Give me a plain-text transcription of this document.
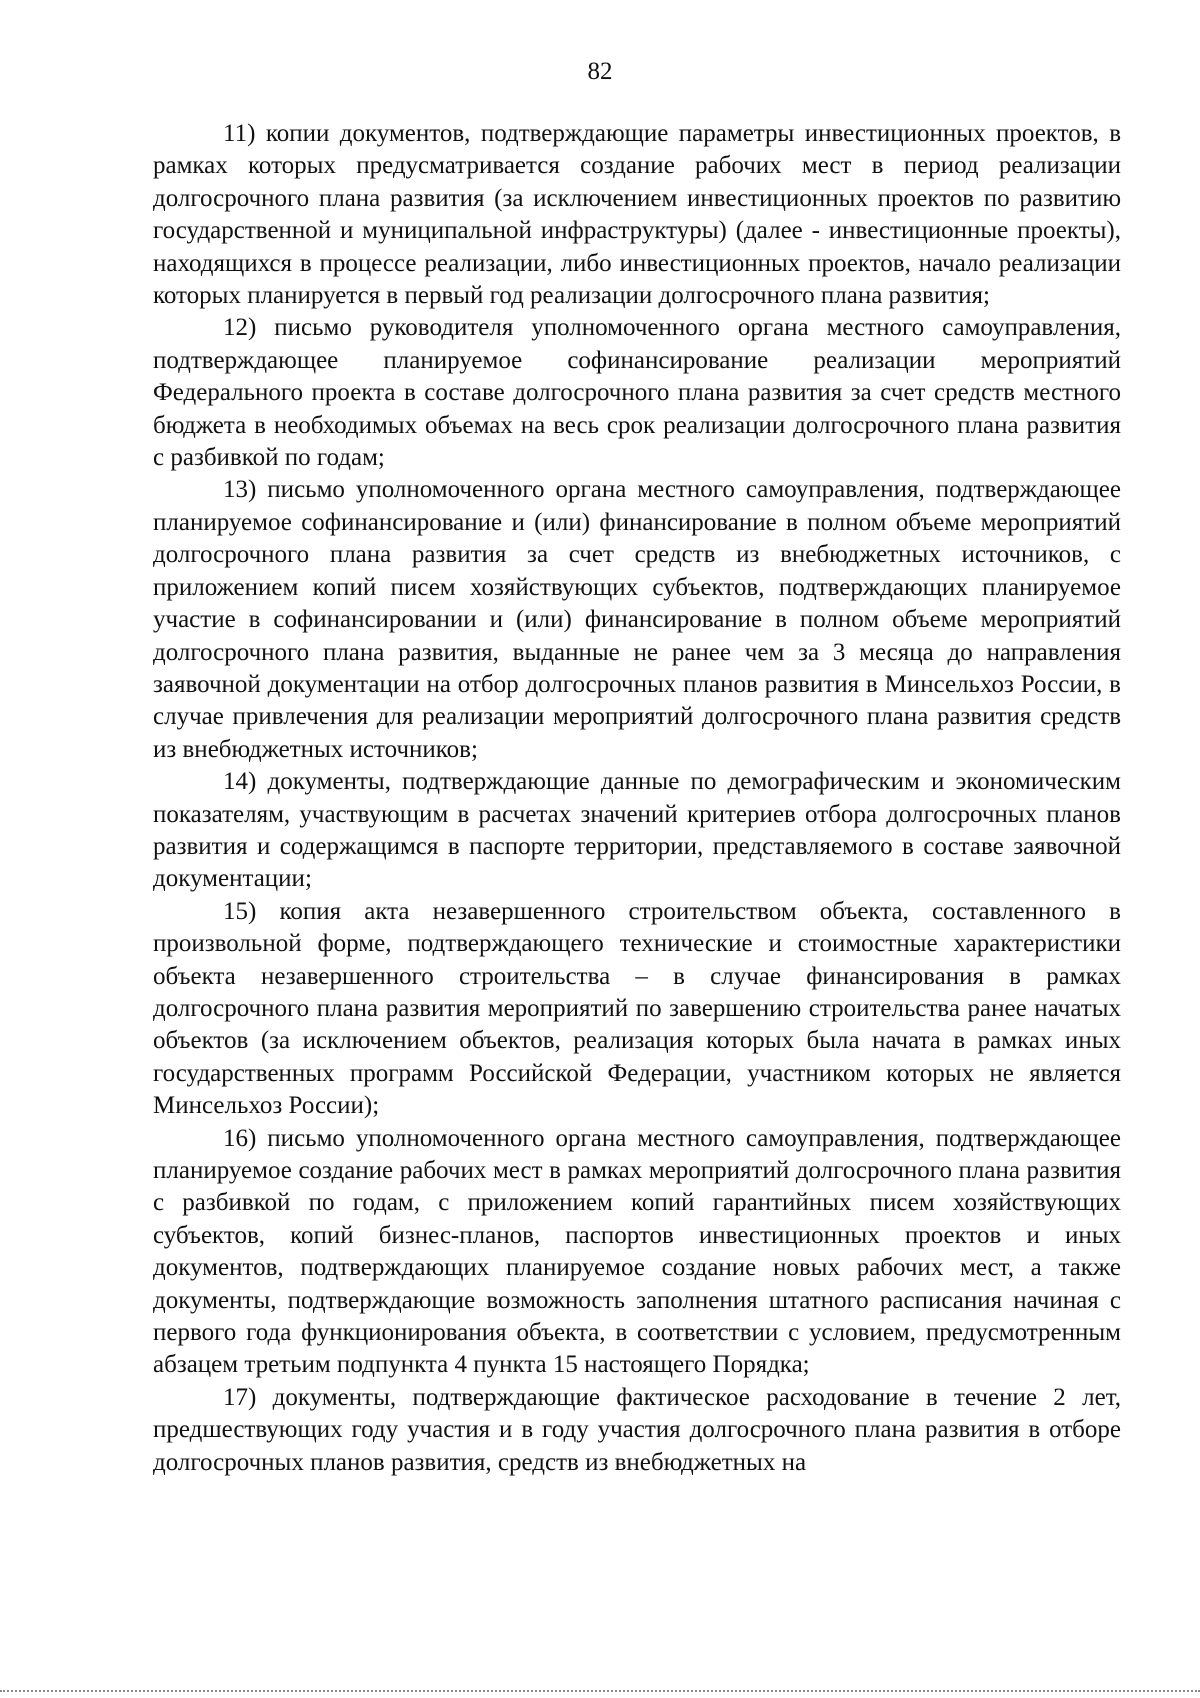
82

11) копии документов, подтверждающие параметры инвестиционных проектов, в рамках которых предусматривается создание рабочих мест в период реализации долгосрочного плана развития (за исключением инвестиционных проектов по развитию государственной и муниципальной инфраструктуры) (далее - инвестиционные проекты), находящихся в процессе реализации, либо инвестиционных проектов, начало реализации которых планируется в первый год реализации долгосрочного плана развития;

12) письмо руководителя уполномоченного органа местного самоуправления, подтверждающее планируемое софинансирование реализации мероприятий Федерального проекта в составе долгосрочного плана развития за счет средств местного бюджета в необходимых объемах на весь срок реализации долгосрочного плана развития с разбивкой по годам;

13) письмо уполномоченного органа местного самоуправления, подтверждающее планируемое софинансирование и (или) финансирование в полном объеме мероприятий долгосрочного плана развития за счет средств из внебюджетных источников, с приложением копий писем хозяйствующих субъектов, подтверждающих планируемое участие в софинансировании и (или) финансирование в полном объеме мероприятий долгосрочного плана развития, выданные не ранее чем за 3 месяца до направления заявочной документации на отбор долгосрочных планов развития в Минсельхоз России, в случае привлечения для реализации мероприятий долгосрочного плана развития средств из внебюджетных источников;

14) документы, подтверждающие данные по демографическим и экономическим показателям, участвующим в расчетах значений критериев отбора долгосрочных планов развития и содержащимся в паспорте территории, представляемого в составе заявочной документации;

15) копия акта незавершенного строительством объекта, составленного в произвольной форме, подтверждающего технические и стоимостные характеристики объекта незавершенного строительства – в случае финансирования в рамках долгосрочного плана развития мероприятий по завершению строительства ранее начатых объектов (за исключением объектов, реализация которых была начата в рамках иных государственных программ Российской Федерации, участником которых не является Минсельхоз России);

16) письмо уполномоченного органа местного самоуправления, подтверждающее планируемое создание рабочих мест в рамках мероприятий долгосрочного плана развития с разбивкой по годам, с приложением копий гарантийных писем хозяйствующих субъектов, копий бизнес-планов, паспортов инвестиционных проектов и иных документов, подтверждающих планируемое создание новых рабочих мест, а также документы, подтверждающие возможность заполнения штатного расписания начиная с первого года функционирования объекта, в соответствии с условием, предусмотренным абзацем третьим подпункта 4 пункта 15 настоящего Порядка;

17) документы, подтверждающие фактическое расходование в течение 2 лет, предшествующих году участия и в году участия долгосрочного плана развития в отборе долгосрочных планов развития, средств из внебюджетных на
